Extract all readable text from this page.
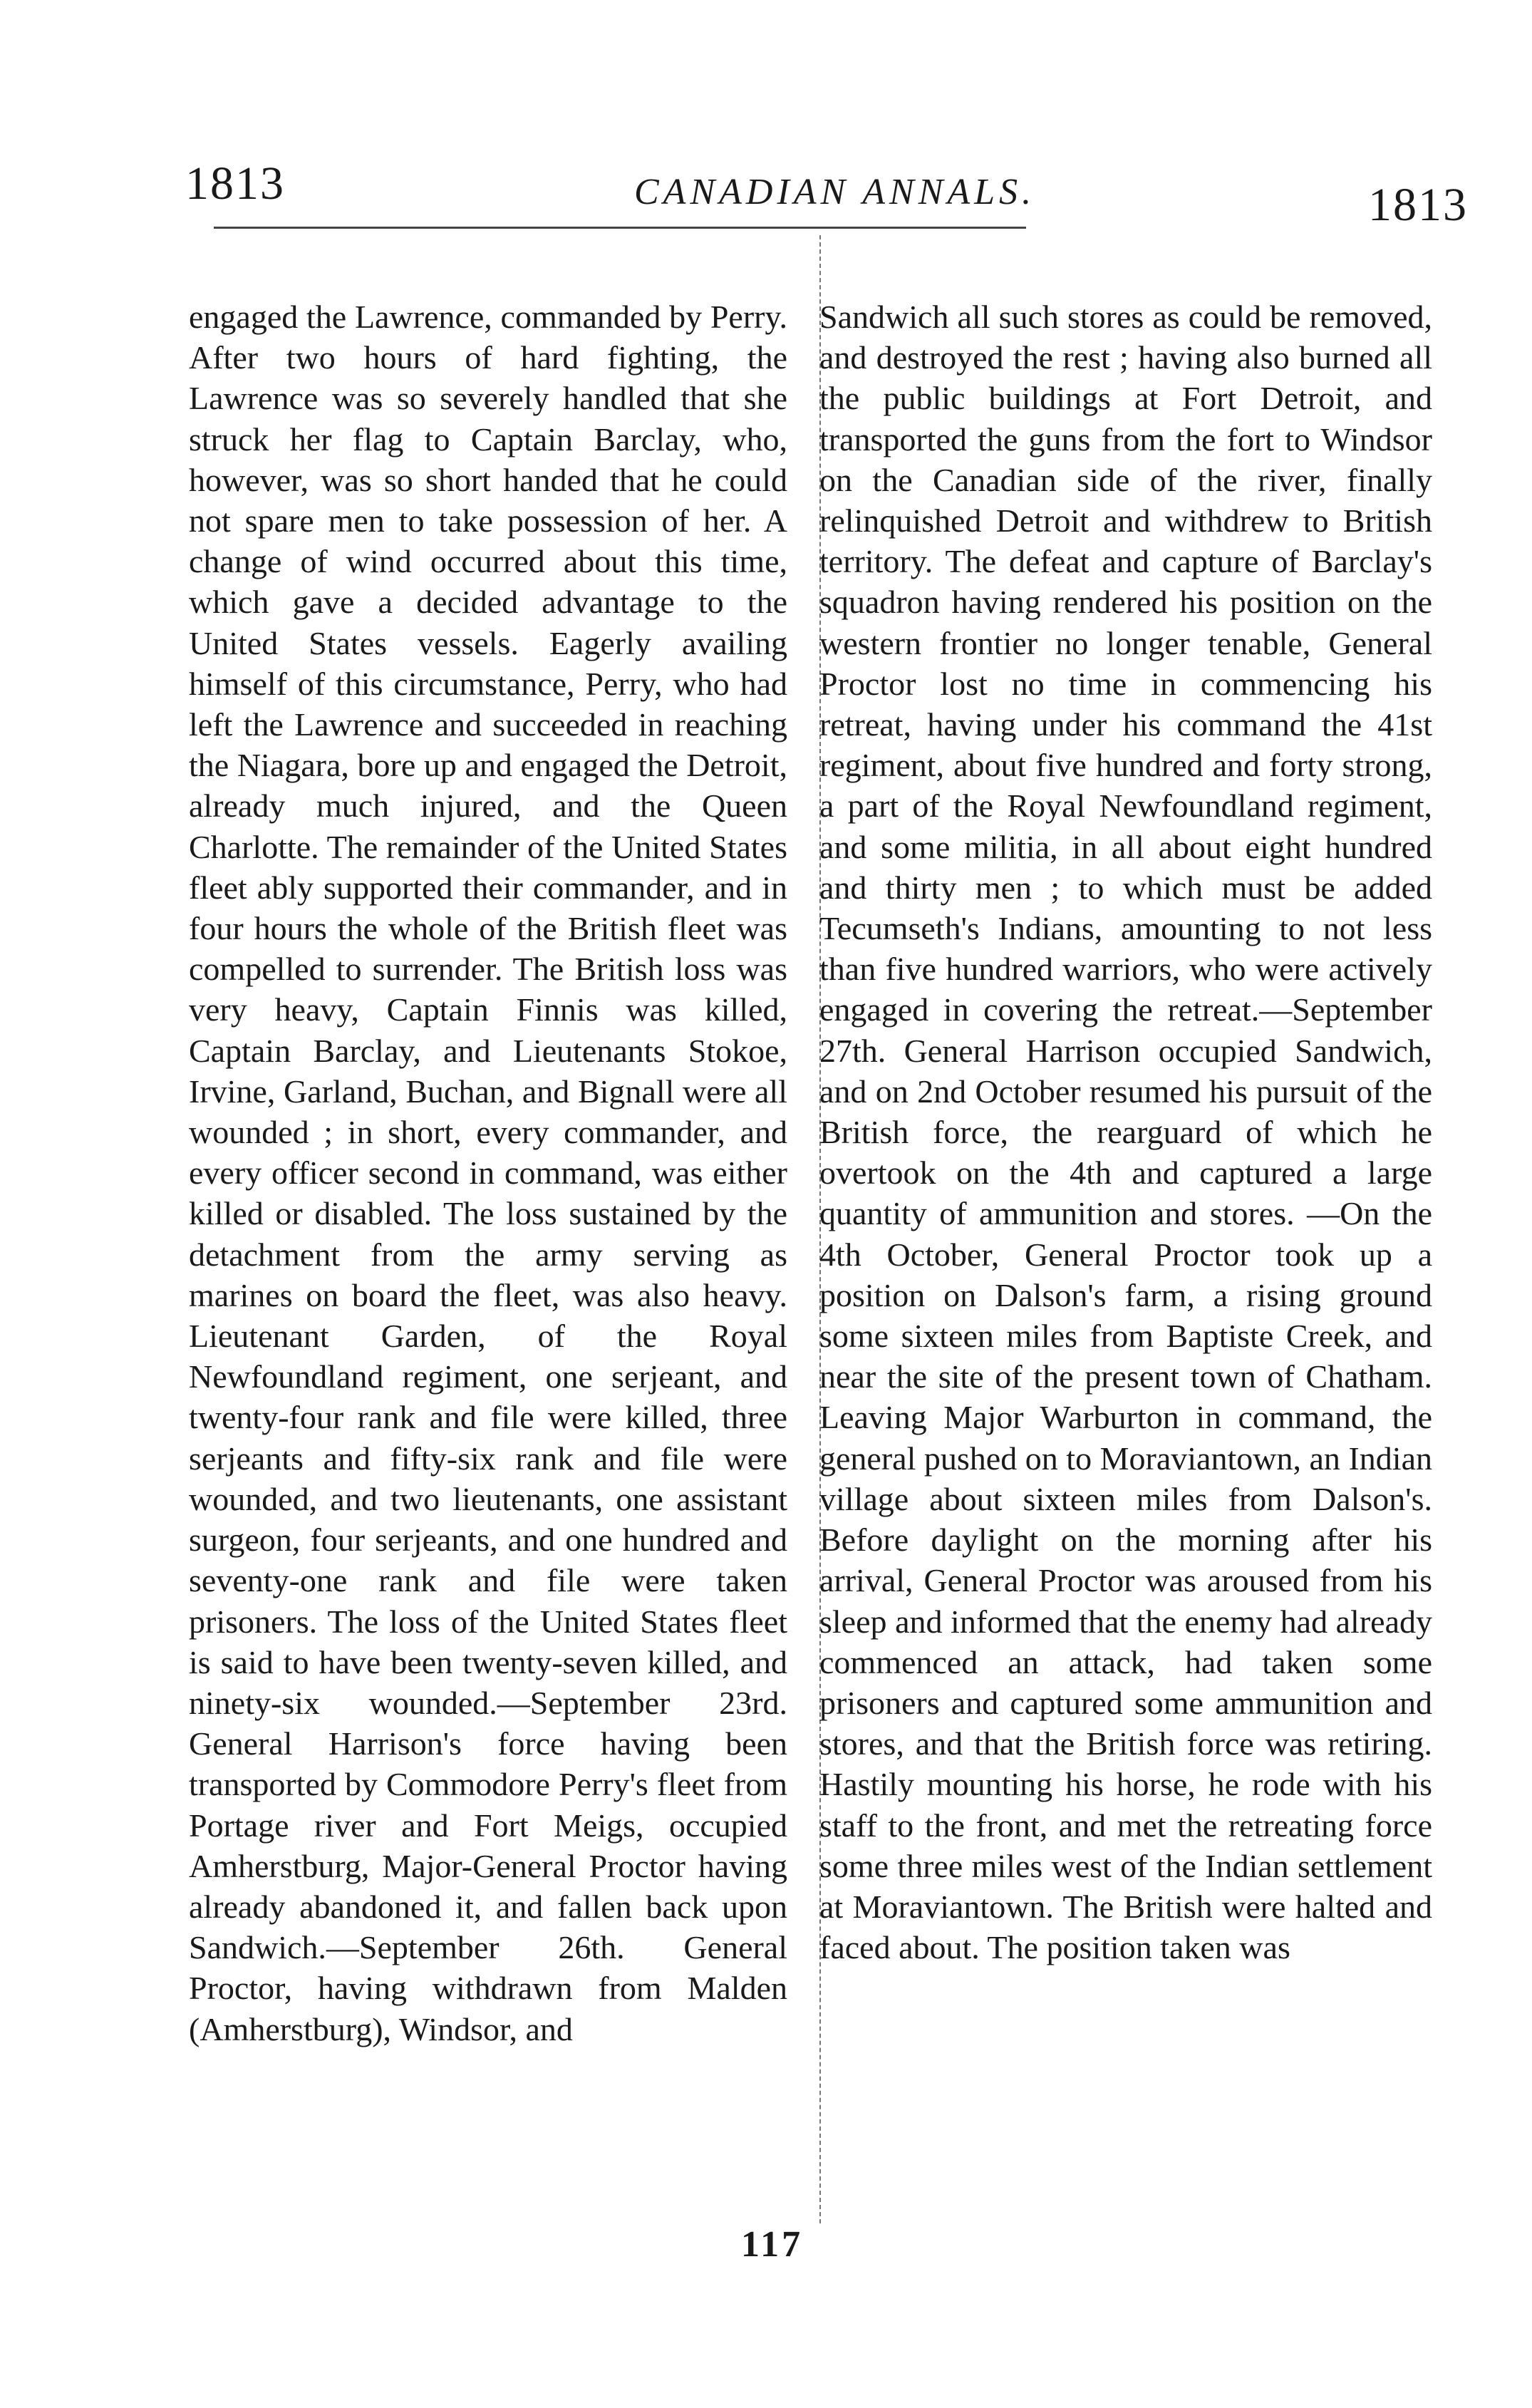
1813	CANADIAN ANNALS.	1813

engaged the Lawrence, commanded by Perry. After two hours of hard fighting, the Lawrence was so severely handled that she struck her flag to Captain Barclay, who, however, was so short handed that he could not spare men to take possession of her. A change of wind occurred about this time, which gave a decided advantage to the United States vessels. Eagerly availing himself of this circumstance, Perry, who had left the Lawrence and succeeded in reaching the Niagara, bore up and engaged the Detroit, already much injured, and the Queen Charlotte. The remainder of the United States fleet ably supported their commander, and in four hours the whole of the British fleet was compelled to surrender. The British loss was very heavy, Captain Finnis was killed, Captain Barclay, and Lieutenants Stokoe, Irvine, Garland, Buchan, and Bignall were all wounded ; in short, every commander, and every officer second in command, was either killed or disabled. The loss sustained by the detachment from the army serving as marines on board the fleet, was also heavy. Lieutenant Garden, of the Royal Newfoundland regiment, one serjeant, and twenty-four rank and file were killed, three serjeants and fifty-six rank and file were wounded, and two lieutenants, one assistant surgeon, four serjeants, and one hundred and seventy-one rank and file were taken prisoners. The loss of the United States fleet is said to have been twenty-seven killed, and ninety-six wounded.—September 23rd. General Harrison's force having been transported by Commodore Perry's fleet from Portage river and Fort Meigs, occupied Amherstburg, Major-General Proctor having already abandoned it, and fallen back upon Sandwich.—September 26th. General Proctor, having withdrawn from Malden (Amherstburg), Windsor, and

Sandwich all such stores as could be removed, and destroyed the rest ; having also burned all the public buildings at Fort Detroit, and transported the guns from the fort to Windsor on the Canadian side of the river, finally relinquished Detroit and withdrew to British territory. The defeat and capture of Barclay's squadron having rendered his position on the western frontier no longer tenable, General Proctor lost no time in commencing his retreat, having under his command the 41st regiment, about five hundred and forty strong, a part of the Royal Newfoundland regiment, and some militia, in all about eight hundred and thirty men ; to which must be added Tecumseth's Indians, amounting to not less than five hundred warriors, who were actively engaged in covering the retreat.—September 27th. General Harrison occupied Sandwich, and on 2nd October resumed his pursuit of the British force, the rearguard of which he overtook on the 4th and captured a large quantity of ammunition and stores. —On the 4th October, General Proctor took up a position on Dalson's farm, a rising ground some sixteen miles from Baptiste Creek, and near the site of the present town of Chatham. Leaving Major Warburton in command, the general pushed on to Moraviantown, an Indian village about sixteen miles from Dalson's. Before daylight on the morning after his arrival, General Proctor was aroused from his sleep and informed that the enemy had already commenced an attack, had taken some prisoners and captured some ammunition and stores, and that the British force was retiring. Hastily mounting his horse, he rode with his staff to the front, and met the retreating force some three miles west of the Indian settlement at Moraviantown. The British were halted and faced about. The position taken was

117
